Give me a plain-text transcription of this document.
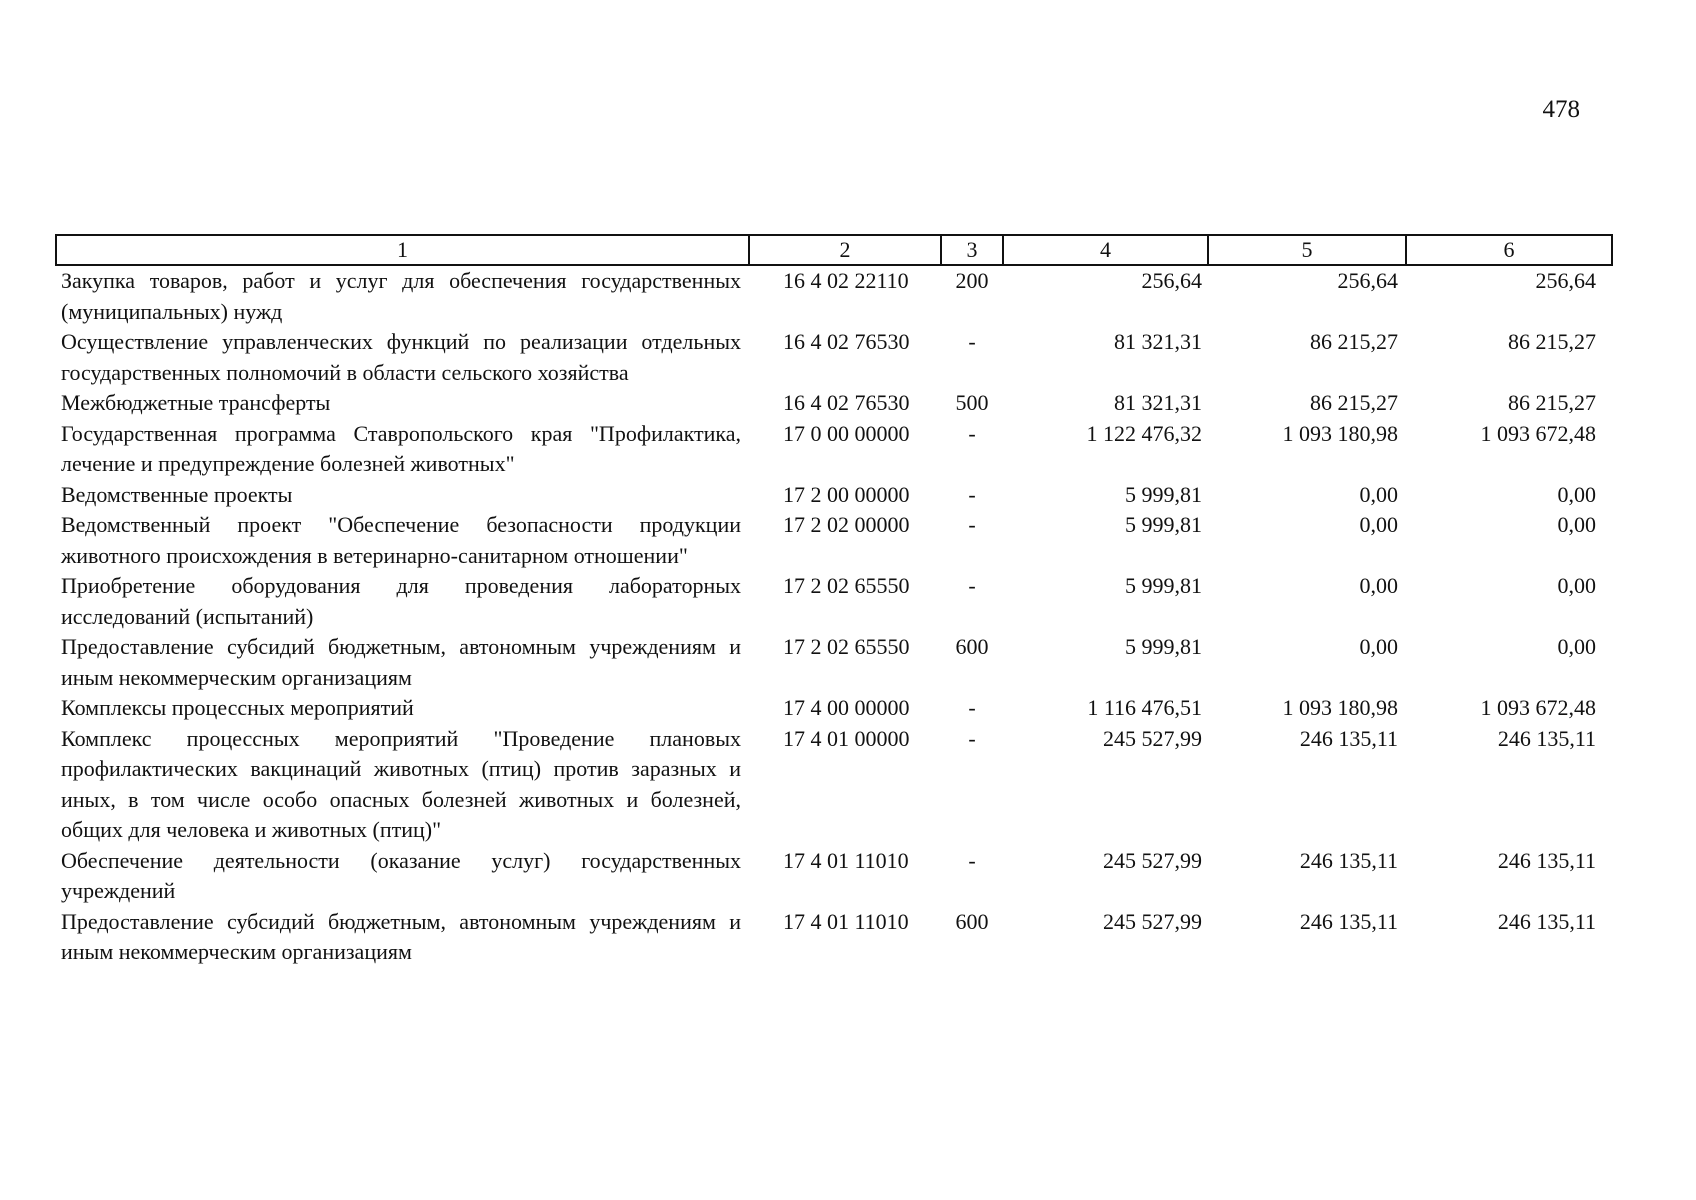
478
1	2	3	4	5	6
Закупка товаров, работ и услуг для обеспечения государственных (муниципальных) нужд	16 4 02 22110	200	256,64	256,64	256,64
Осуществление управленческих функций по реализации отдельных государственных полномочий в области сельского хозяйства	16 4 02 76530	-	81 321,31	86 215,27	86 215,27
Межбюджетные трансферты	16 4 02 76530	500	81 321,31	86 215,27	86 215,27
Государственная программа Ставропольского края "Профилактика, лечение и предупреждение болезней животных"	17 0 00 00000	-	1 122 476,32	1 093 180,98	1 093 672,48
Ведомственные проекты	17 2 00 00000	-	5 999,81	0,00	0,00
Ведомственный проект "Обеспечение безопасности продукции животного происхождения в ветеринарно-санитарном отношении"	17 2 02 00000	-	5 999,81	0,00	0,00
Приобретение оборудования для проведения лабораторных исследований (испытаний)	17 2 02 65550	-	5 999,81	0,00	0,00
Предоставление субсидий бюджетным, автономным учреждениям и иным некоммерческим организациям	17 2 02 65550	600	5 999,81	0,00	0,00
Комплексы процессных мероприятий	17 4 00 00000	-	1 116 476,51	1 093 180,98	1 093 672,48
Комплекс процессных мероприятий "Проведение плановых профилактических вакцинаций животных (птиц) против заразных и иных, в том числе особо опасных болезней животных и болезней, общих для человека и животных (птиц)"	17 4 01 00000	-	245 527,99	246 135,11	246 135,11
Обеспечение деятельности (оказание услуг) государственных учреждений	17 4 01 11010	-	245 527,99	246 135,11	246 135,11
Предоставление субсидий бюджетным, автономным учреждениям и иным некоммерческим организациям	17 4 01 11010	600	245 527,99	246 135,11	246 135,11
